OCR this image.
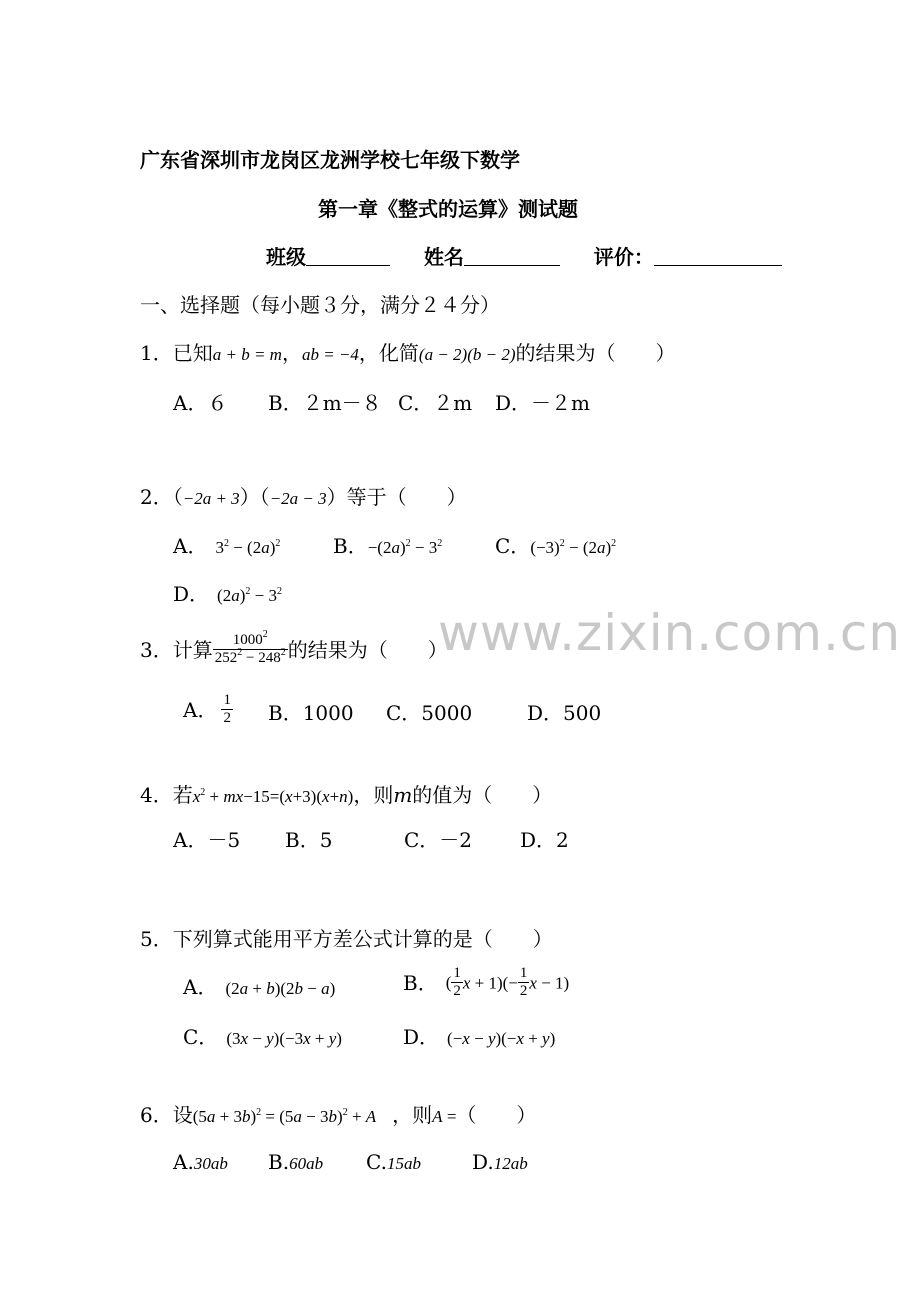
广东省深圳市龙岗区龙洲学校七年级下数学
第一章《整式的运算》测试题
班级	姓名	评价：
一、选择题（每小题３分，满分２４分）
1．已知a + b = m，ab = −4，化简(a − 2)(b − 2)的结果为（　　）
A．６ B．２m－８ C．２m D．－２m
2．（−2a + 3）（−2a − 3）等于（　　）
A． $3^2 - (2a)^2$	B．$-(2a)^2 - 3^2$	C．$(-3)^2 - (2a)^2$
D． $(2a)^2 - 3^2$
3．计算 $\frac{1000^2}{252^2 - 248^2}$ 的结果为（　　）
A． $\frac{1}{2}$ B．1000 C．5000	D．500
4．若$x^2 + mx-15=(x+3)(x+n)$，则m的值为（　　）
A．－5 B．5	C．－2 D．2
5．下列算式能用平方差公式计算的是（　　）
A． (2a + b)(2b − a)	B． ( $\frac{1}{2}$ $x + 1)(- \frac{1}{2}$ x − 1)
C． (3x − y)(−3x + y)	D． (−x − y)(−x + y)
6．设$(5a + 3b)^2 = (5a - 3b)^2 + A$ ，则A =（　　）
A.30ab B.60ab C.15ab	D.12ab
www.zixin.com.cn
